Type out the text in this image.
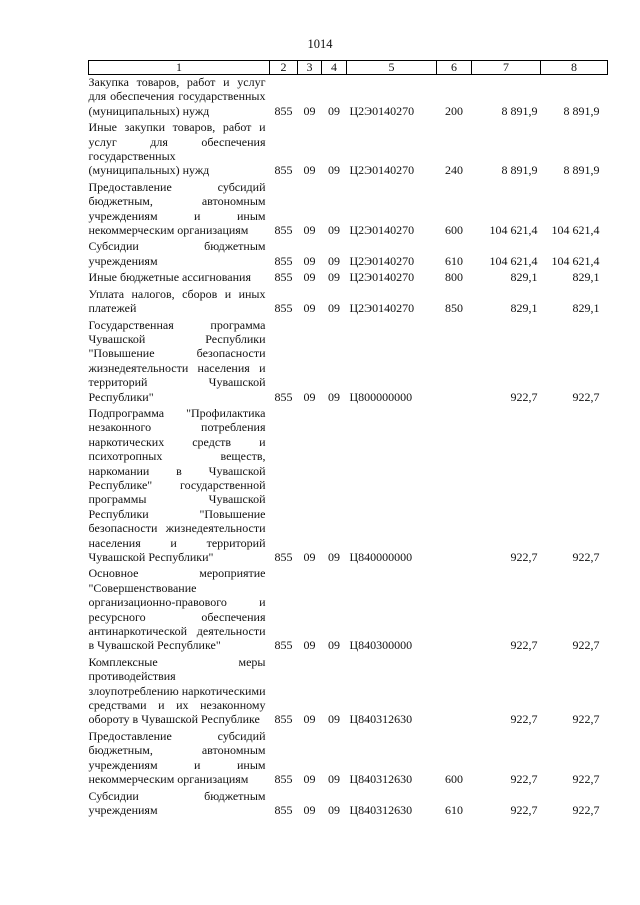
1014
1	2	3	4	5	6	7	8
Закупка товаров, работ и услуг для обеспечения государственных (муниципальных) нужд	855	09	09	Ц2Э0140270	200	8 891,9	8 891,9
Иные закупки товаров, работ и услуг для обеспечения государственных (муниципальных) нужд	855	09	09	Ц2Э0140270	240	8 891,9	8 891,9
Предоставление субсидий бюджетным, автономным учреждениям и иным некоммерческим организациям	855	09	09	Ц2Э0140270	600	104 621,4	104 621,4
Субсидии бюджетным учреждениям	855	09	09	Ц2Э0140270	610	104 621,4	104 621,4
Иные бюджетные ассигнования	855	09	09	Ц2Э0140270	800	829,1	829,1
Уплата налогов, сборов и иных платежей	855	09	09	Ц2Э0140270	850	829,1	829,1
Государственная программа Чувашской Республики "Повышение безопасности жизнедеятельности населения и территорий Чувашской Республики"	855	09	09	Ц800000000		922,7	922,7
Подпрограмма "Профилактика незаконного потребления наркотических средств и психотропных веществ, наркомании в Чувашской Республике" государственной программы Чувашской Республики "Повышение безопасности жизнедеятельности населения и территорий Чувашской Республики"	855	09	09	Ц840000000		922,7	922,7
Основное мероприятие "Совершенствование организационно-правового и ресурсного обеспечения антинаркотической деятельности в Чувашской Республике"	855	09	09	Ц840300000		922,7	922,7
Комплексные меры противодействия злоупотреблению наркотическими средствами и их незаконному обороту в Чувашской Республике	855	09	09	Ц840312630		922,7	922,7
Предоставление субсидий бюджетным, автономным учреждениям и иным некоммерческим организациям	855	09	09	Ц840312630	600	922,7	922,7
Субсидии бюджетным учреждениям	855	09	09	Ц840312630	610	922,7	922,7
